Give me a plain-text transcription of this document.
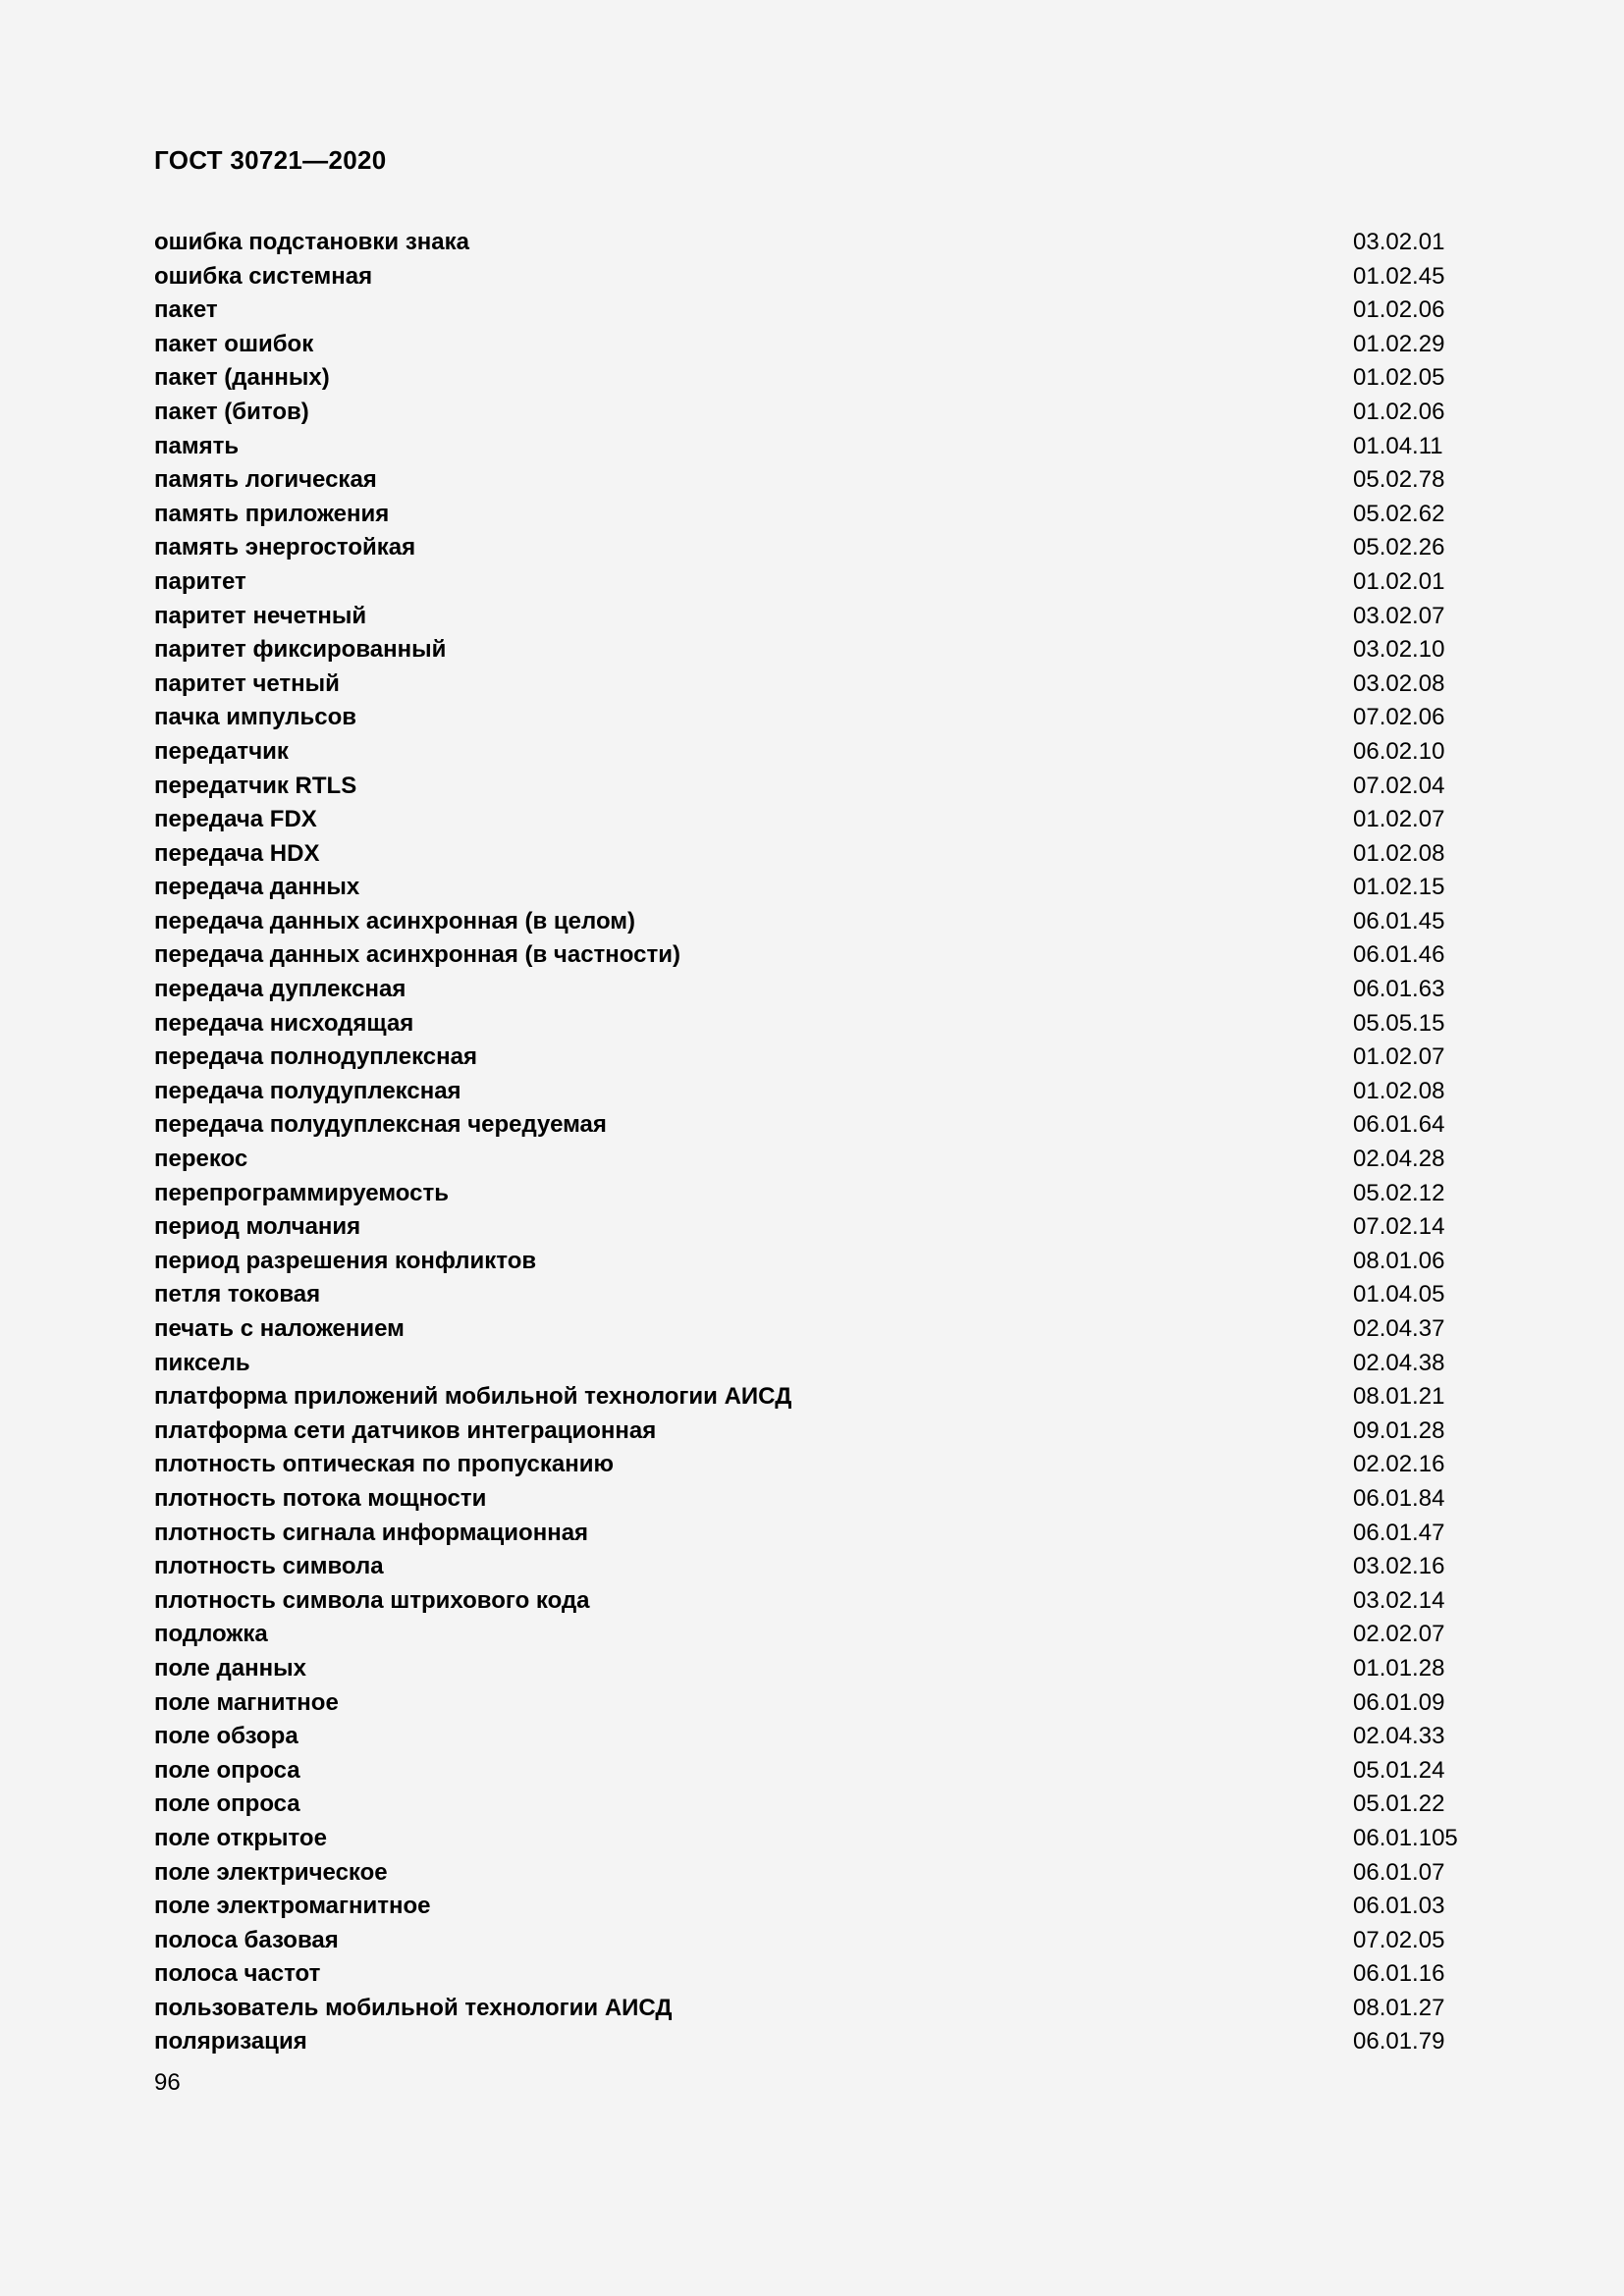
ГОСТ 30721—2020
ошибка подстановки знака	03.02.01
ошибка системная	01.02.45
пакет	01.02.06
пакет ошибок	01.02.29
пакет (данных)	01.02.05
пакет (битов)	01.02.06
память	01.04.11
память логическая	05.02.78
память приложения	05.02.62
память энергостойкая	05.02.26
паритет	01.02.01
паритет нечетный	03.02.07
паритет фиксированный	03.02.10
паритет четный	03.02.08
пачка импульсов	07.02.06
передатчик	06.02.10
передатчик RTLS	07.02.04
передача FDX	01.02.07
передача HDX	01.02.08
передача данных	01.02.15
передача данных асинхронная (в целом)	06.01.45
передача данных асинхронная (в частности)	06.01.46
передача дуплексная	06.01.63
передача нисходящая	05.05.15
передача полнодуплексная	01.02.07
передача полудуплексная	01.02.08
передача полудуплексная чередуемая	06.01.64
перекос	02.04.28
перепрограммируемость	05.02.12
период молчания	07.02.14
период разрешения конфликтов	08.01.06
петля токовая	01.04.05
печать с наложением	02.04.37
пиксель	02.04.38
платформа приложений мобильной технологии АИСД	08.01.21
платформа сети датчиков интеграционная	09.01.28
плотность оптическая по пропусканию	02.02.16
плотность потока мощности	06.01.84
плотность сигнала информационная	06.01.47
плотность символа	03.02.16
плотность символа штрихового кода	03.02.14
подложка	02.02.07
поле данных	01.01.28
поле магнитное	06.01.09
поле обзора	02.04.33
поле опроса	05.01.24
поле опроса	05.01.22
поле открытое	06.01.105
поле электрическое	06.01.07
поле электромагнитное	06.01.03
полоса базовая	07.02.05
полоса частот	06.01.16
пользователь мобильной технологии АИСД	08.01.27
поляризация	06.01.79
96
